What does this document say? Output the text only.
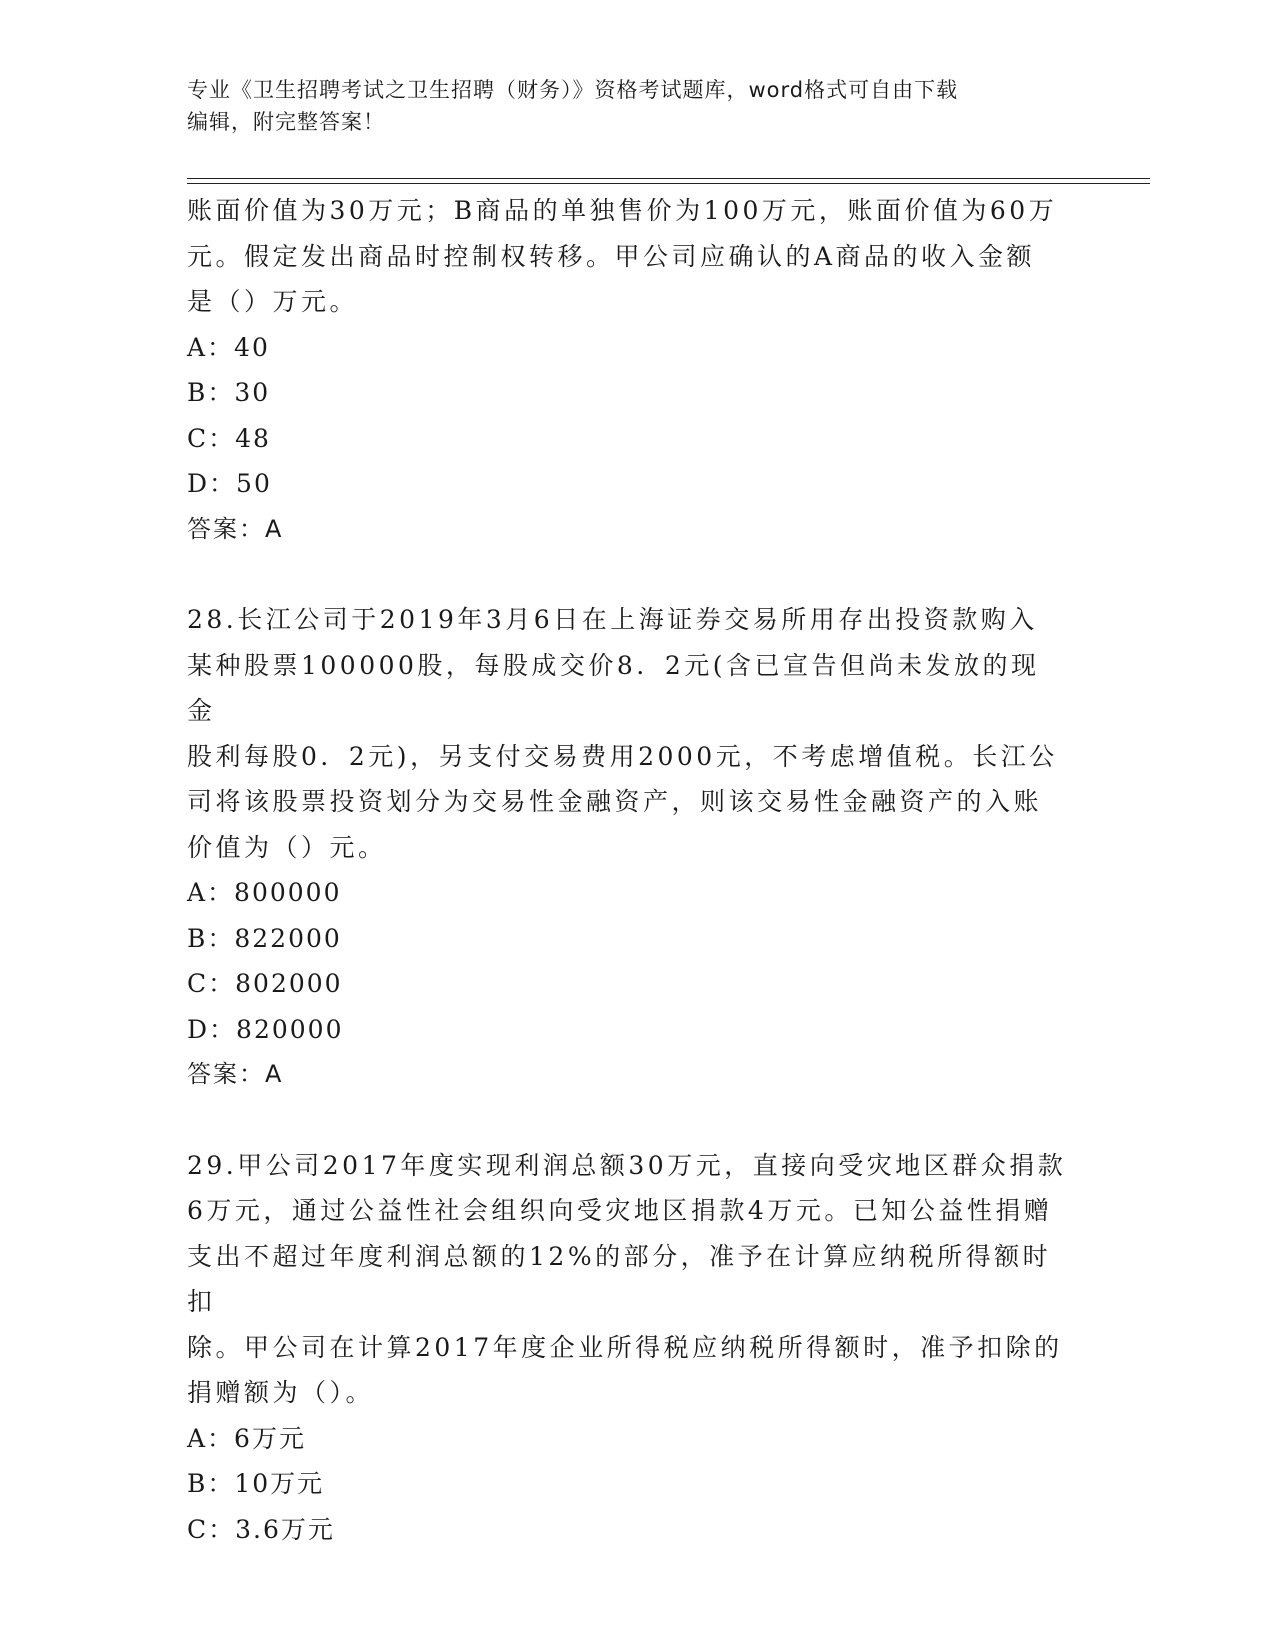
专业《卫生招聘考试之卫生招聘（财务）》资格考试题库，word格式可自由下载
编辑，附完整答案！

账面价值为30万元；B商品的单独售价为100万元，账面价值为60万

元。假定发出商品时控制权转移。甲公司应确认的A商品的收入金额

是（）万元。

A：40

B：30

C：48

D：50

答案：A

28.长江公司于2019年3月6日在上海证券交易所用存出投资款购入

某种股票100000股，每股成交价8．2元(含已宣告但尚未发放的现金

股利每股0．2元)，另支付交易费用2000元，不考虑增值税。长江公

司将该股票投资划分为交易性金融资产，则该交易性金融资产的入账

价值为（）元。

A：800000

B：822000

C：802000

D：820000

答案：A

29.甲公司2017年度实现利润总额30万元，直接向受灾地区群众捐款

6万元，通过公益性社会组织向受灾地区捐款4万元。已知公益性捐赠

支出不超过年度利润总额的12%的部分，准予在计算应纳税所得额时扣

除。甲公司在计算2017年度企业所得税应纳税所得额时，准予扣除的

捐赠额为（）。

A：6万元

B：10万元

C：3.6万元
